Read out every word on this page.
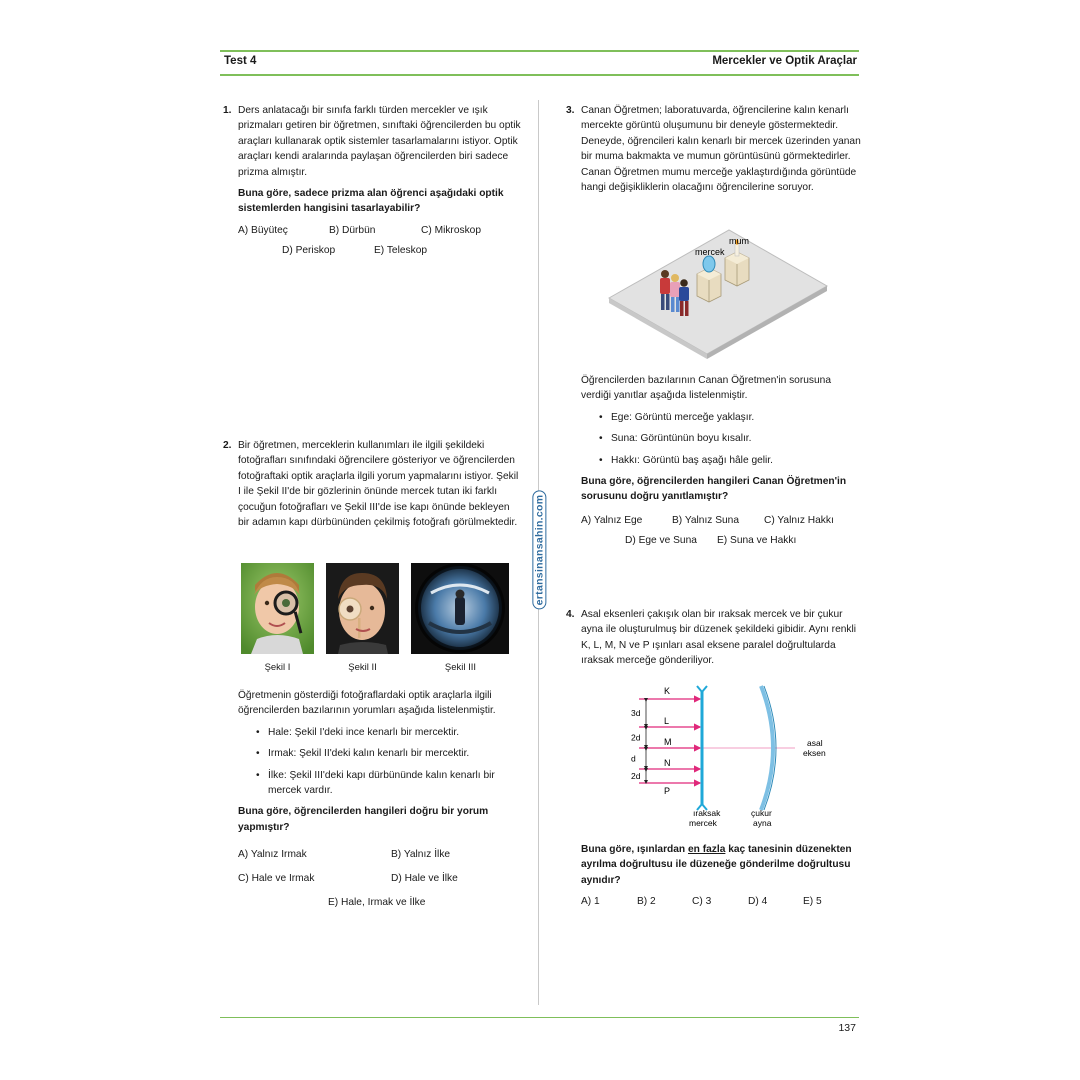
Test 4	Mercekler ve Optik Araçlar
ertansinansahin.com
1. Ders anlatacağı bir sınıfa farklı türden mercekler ve ışık prizmaları getiren bir öğretmen, sınıftaki öğrencilerden bu optik araçları kullanarak optik sistemler tasarlamalarını istiyor. Optik araçları kendi aralarında paylaşan öğrencilerden biri sadece prizma almıştır.

Buna göre, sadece prizma alan öğrenci aşağıdaki optik sistemlerden hangisini tasarlayabilir?

A) Büyüteç	B) Dürbün	C) Mikroskop
D) Periskop	E) Teleskop
2. Bir öğretmen, merceklerin kullanımları ile ilgili şekildeki fotoğrafları sınıfındaki öğrencilere gösteriyor ve öğrencilerden fotoğraftaki optik araçlarla ilgili yorum yapmalarını istiyor. Şekil I ile Şekil II'de bir gözlerinin önünde mercek tutan iki farklı çocuğun fotoğrafları ve Şekil III'de ise kapı önünde bekleyen bir adamın kapı dürbününden çekilmiş fotoğrafı görülmektedir.

Şekil I	Şekil II	Şekil III

Öğretmenin gösterdiği fotoğraflardaki optik araçlarla ilgili öğrencilerden bazılarının yorumları aşağıda listelenmiştir.

• Hale: Şekil I'deki ince kenarlı bir mercektir.
• Irmak: Şekil II'deki kalın kenarlı bir mercektir.
• İlke: Şekil III'deki kapı dürbününde kalın kenarlı bir mercek vardır.

Buna göre, öğrencilerden hangileri doğru bir yorum yapmıştır?

A) Yalnız Irmak	B) Yalnız İlke
C) Hale ve Irmak	D) Hale ve İlke
E) Hale, Irmak ve İlke
3. Canan Öğretmen; laboratuvarda, öğrencilerine kalın kenarlı mercekte görüntü oluşumunu bir deneyle göstermektedir. Deneyde, öğrencileri kalın kenarlı bir mercek üzerinden yanan bir muma bakmakta ve mumun görüntüsünü görmektedirler. Canan Öğretmen mumu merceğe yaklaştırdığında görüntüde hangi değişikliklerin olacağını öğrencilerine soruyor.

mercek
mum

Öğrencilerden bazılarının Canan Öğretmen'in sorusuna verdiği yanıtlar aşağıda listelenmiştir.

• Ege: Görüntü merceğe yaklaşır.
• Suna: Görüntünün boyu kısalır.
• Hakkı: Görüntü baş aşağı hâle gelir.

Buna göre, öğrencilerden hangileri Canan Öğretmen'in sorusunu doğru yanıtlamıştır?

A) Yalnız Ege	B) Yalnız Suna C) Yalnız Hakkı
D) Ege ve Suna E) Suna ve Hakkı
4. Asal eksenleri çakışık olan bir ıraksak mercek ve bir çukur ayna ile oluşturulmuş bir düzenek şekildeki gibidir. Aynı renkli K, L, M, N ve P ışınları asal eksene paralel doğrultularda ıraksak merceğe gönderiliyor.

3d
2d
d
2d
K
L
M
N
P
ıraksak
mercek
çukur
ayna
asal
eksen

Buna göre, ışınlardan en fazla kaç tanesinin düzenekten ayrılma doğrultusu ile düzeneğe gönderilme doğrultusu aynıdır?

A) 1	B) 2	C) 3	D) 4	E) 5
137
